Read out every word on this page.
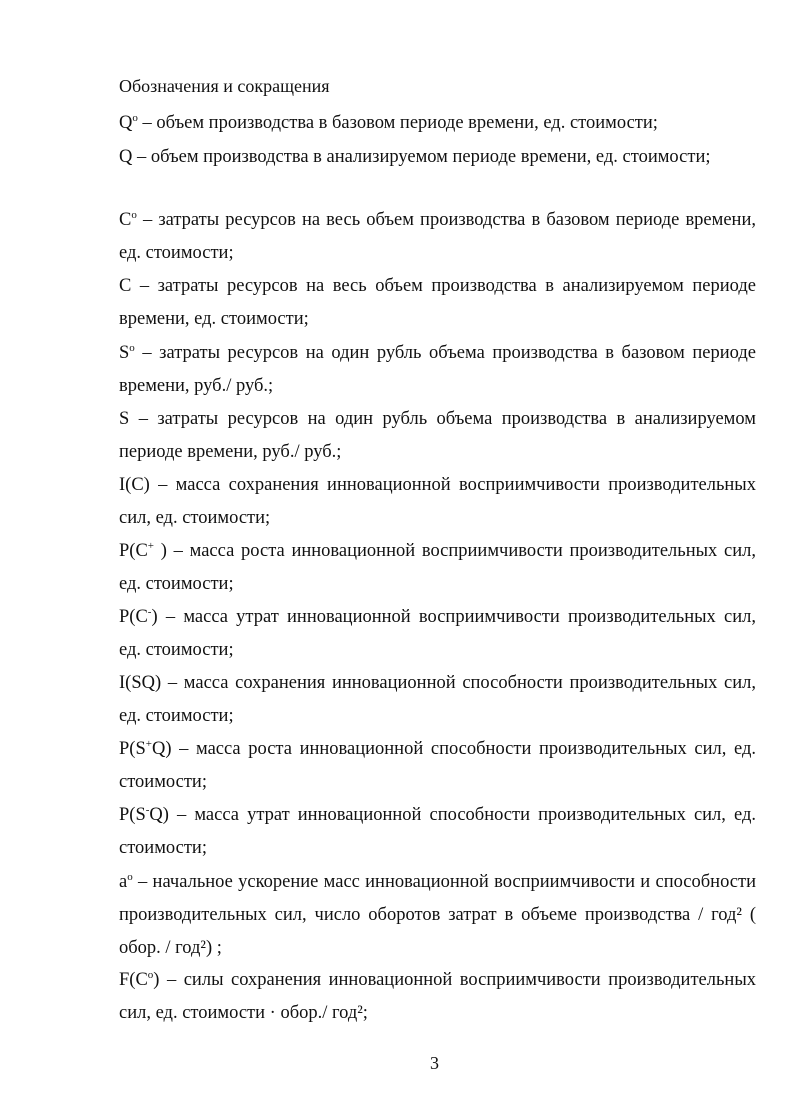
Обозначения и сокращения
$Q^o$ – объем производства в базовом периоде времени, ед. стоимости;
Q – объем производства в анализируемом периоде времени, ед. стоимости;
$C^o$ – затраты ресурсов на весь объем производства в базовом периоде времени, ед. стоимости;
C – затраты ресурсов на весь объем производства в анализируемом периоде времени, ед. стоимости;
$S^o$ – затраты ресурсов на один рубль объема производства в базовом периоде времени, руб./ руб.;
S – затраты ресурсов на один рубль объема производства в анализируемом периоде времени, руб./ руб.;
I(C) – масса сохранения инновационной восприимчивости производительных сил, ед. стоимости;
P(C+ ) – масса роста инновационной восприимчивости производительных сил, ед. стоимости;
P(C-) – масса утрат инновационной восприимчивости производительных сил, ед. стоимости;
I(SQ) – масса сохранения инновационной способности производительных сил, ед. стоимости;
P(S+Q) – масса роста инновационной способности производительных сил, ед. стоимости;
P(S-Q) – масса утрат инновационной способности производительных сил, ед. стоимости;
$a^o$ – начальное ускорение масс инновационной восприимчивости и способности производительных сил, число оборотов затрат в объеме производства / год² ( обор. / год²) ;
$F(C^o)$ – силы сохранения инновационной восприимчивости производительных сил, ед. стоимости · обор./ год²;
3
